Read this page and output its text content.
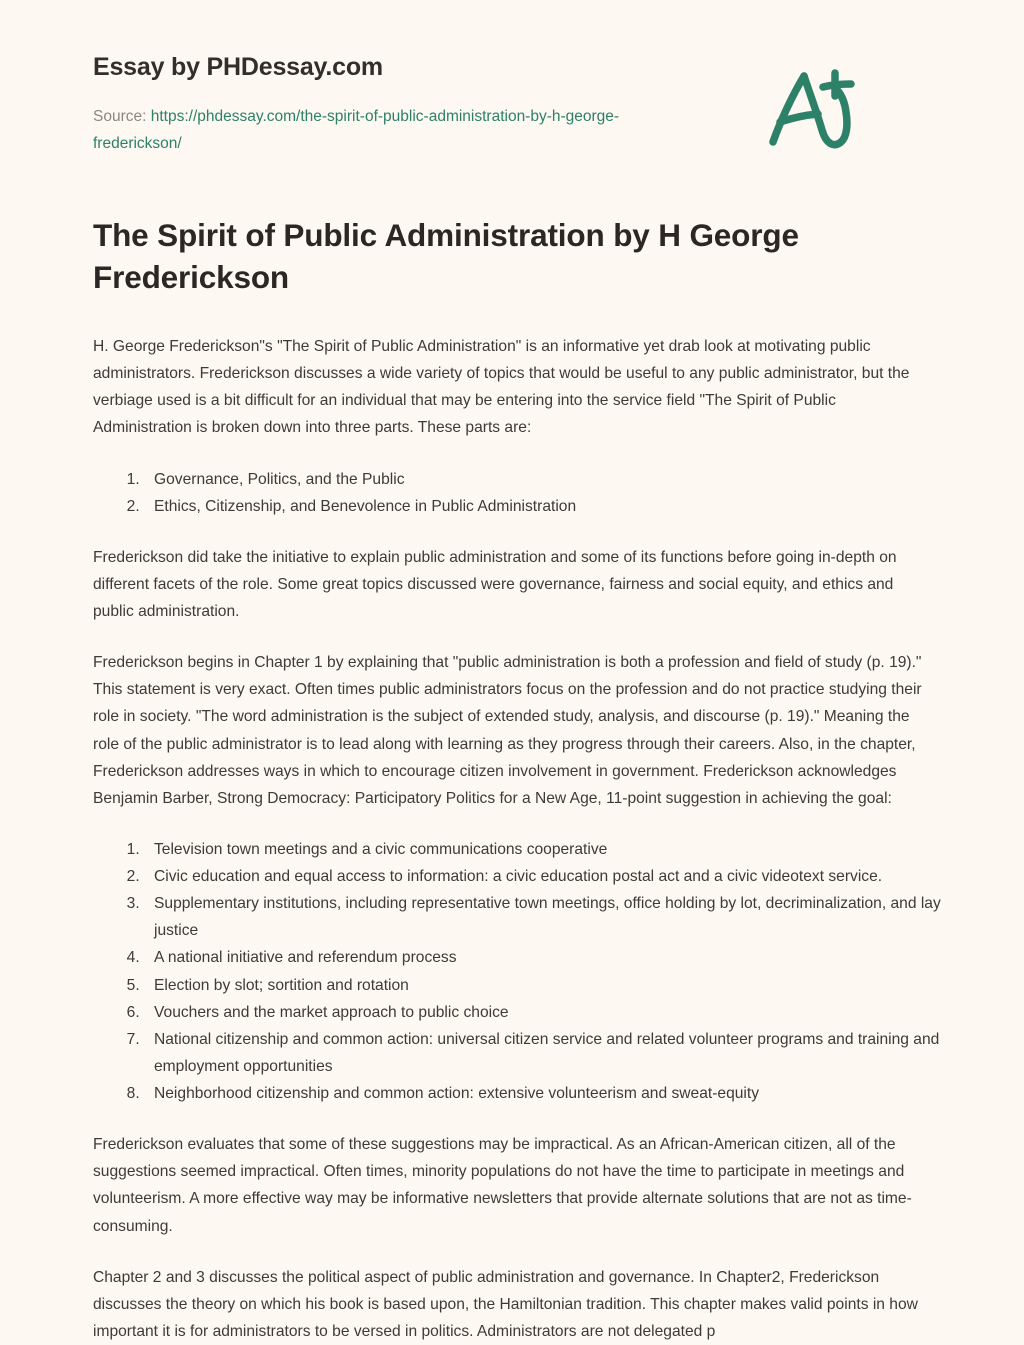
Essay by PHDessay.com
Source: https://phdessay.com/the-spirit-of-public-administration-by-h-george-frederickson/
The Spirit of Public Administration by H George Frederickson

H. George Frederickson"s "The Spirit of Public Administration" is an informative yet drab look at motivating public administrators. Frederickson discusses a wide variety of topics that would be useful to any public administrator, but the verbiage used is a bit difficult for an individual that may be entering into the service field "The Spirit of Public Administration is broken down into three parts. These parts are:

1. Governance, Politics, and the Public
2. Ethics, Citizenship, and Benevolence in Public Administration

Frederickson did take the initiative to explain public administration and some of its functions before going in-depth on different facets of the role. Some great topics discussed were governance, fairness and social equity, and ethics and public administration.

Frederickson begins in Chapter 1 by explaining that "public administration is both a profession and field of study (p. 19)." This statement is very exact. Often times public administrators focus on the profession and do not practice studying their role in society. "The word administration is the subject of extended study, analysis, and discourse (p. 19)." Meaning the role of the public administrator is to lead along with learning as they progress through their careers. Also, in the chapter, Frederickson addresses ways in which to encourage citizen involvement in government. Frederickson acknowledges Benjamin Barber, Strong Democracy: Participatory Politics for a New Age, 11-point suggestion in achieving the goal:

1. Television town meetings and a civic communications cooperative
2. Civic education and equal access to information: a civic education postal act and a civic videotext service.
3. Supplementary institutions, including representative town meetings, office holding by lot, decriminalization, and lay justice
4. A national initiative and referendum process
5. Election by slot; sortition and rotation
6. Vouchers and the market approach to public choice
7. National citizenship and common action: universal citizen service and related volunteer programs and training and employment opportunities
8. Neighborhood citizenship and common action: extensive volunteerism and sweat-equity

Frederickson evaluates that some of these suggestions may be impractical. As an African-American citizen, all of the suggestions seemed impractical. Often times, minority populations do not have the time to participate in meetings and volunteerism. A more effective way may be informative newsletters that provide alternate solutions that are not as time-consuming.

Chapter 2 and 3 discusses the political aspect of public administration and governance. In Chapter2, Frederickson discusses the theory on which his book is based upon, the Hamiltonian tradition. This chapter makes valid points in how important it is for administrators to be versed in politics. Administrators are not delegated p
